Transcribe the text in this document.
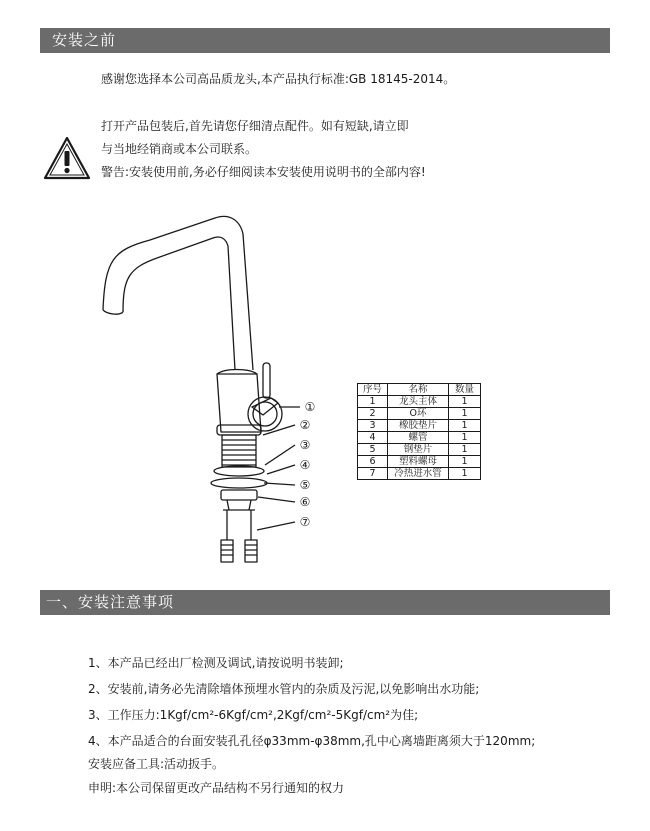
安装之前
感谢您选择本公司高品质龙头,本产品执行标准:GB 18145-2014。
打开产品包装后,首先请您仔细清点配件。如有短缺,请立即
与当地经销商或本公司联系。
警告:安装使用前,务必仔细阅读本安装使用说明书的全部内容!
①
②
③
④
⑤
⑥
⑦
序号	名称	数量
1	龙头主体	1
2	O环	1
3	橡胶垫片	1
4	螺管	1
5	钢垫片	1
6	塑料螺母	1
7	冷热进水管	1
一、安装注意事项
1、本产品已经出厂检测及调试,请按说明书装卸;
2、安装前,请务必先清除墙体预埋水管内的杂质及污泥,以免影响出水功能;
3、工作压力:1Kgf/cm²-6Kgf/cm²,2Kgf/cm²-5Kgf/cm²为佳;
4、本产品适合的台面安装孔孔径φ33mm-φ38mm,孔中心离墙距离须大于120mm;
安装应备工具:活动扳手。
申明:本公司保留更改产品结构不另行通知的权力
